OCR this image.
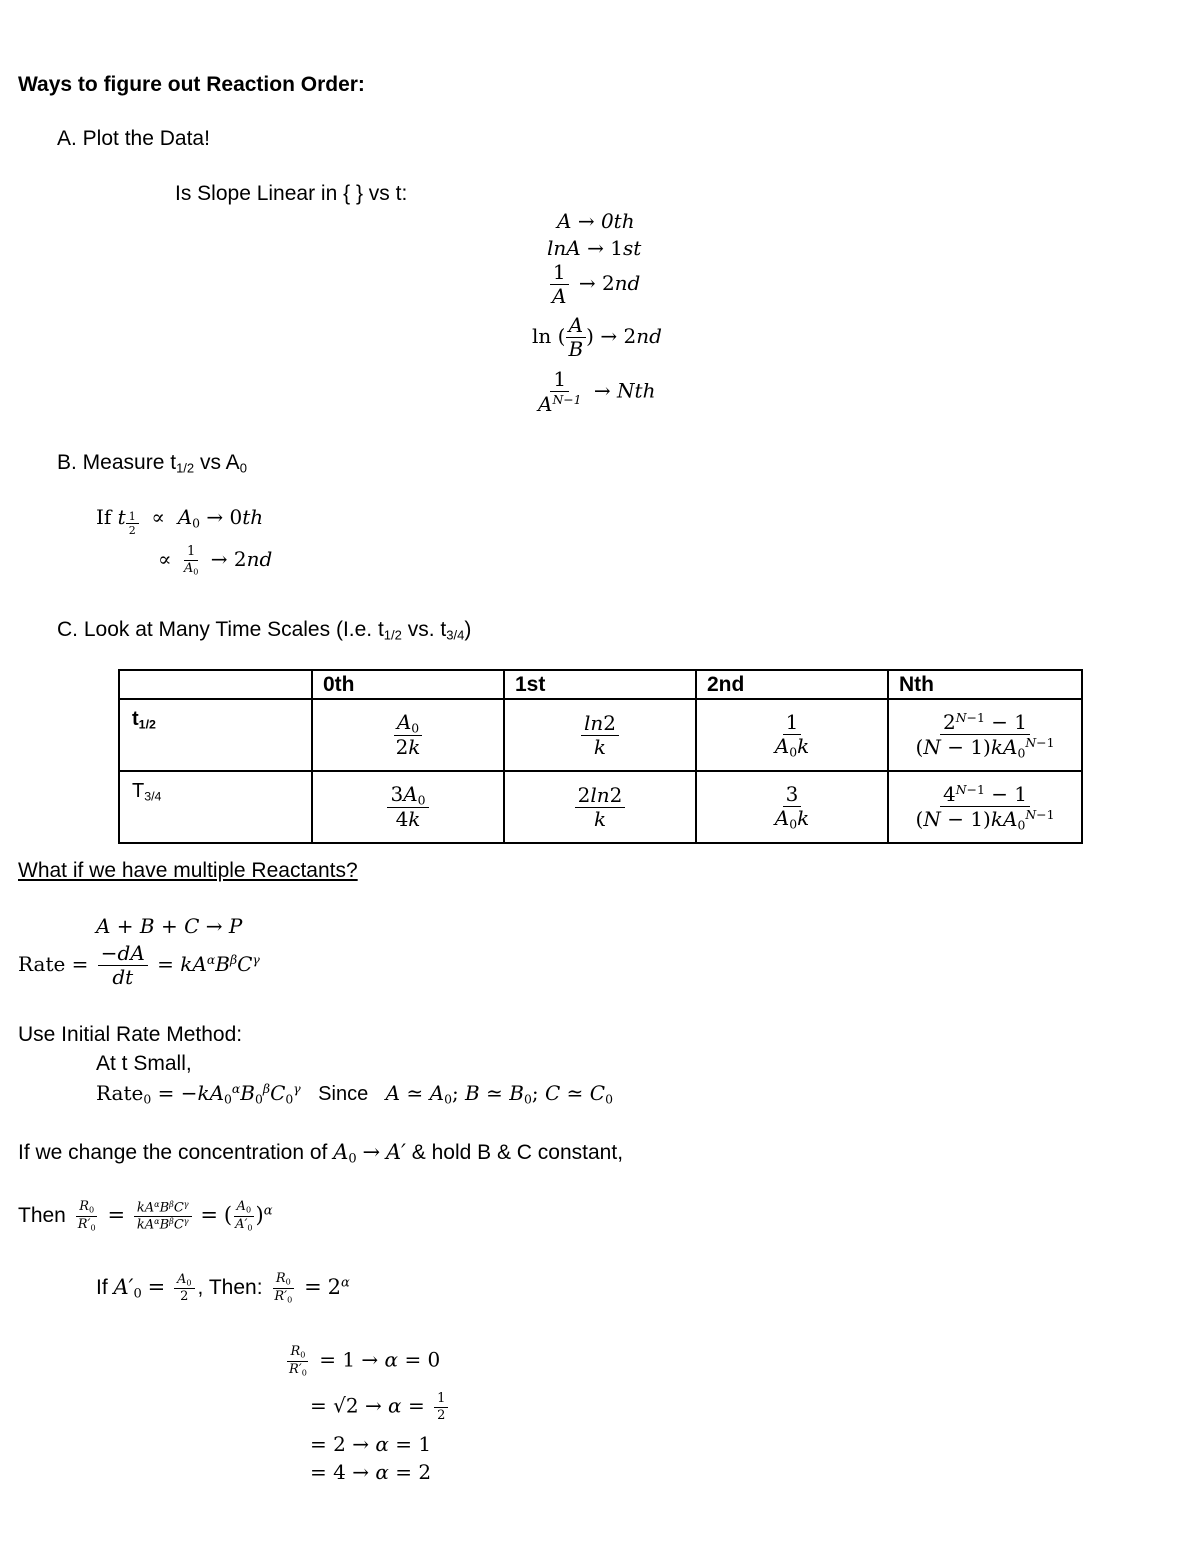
Ways to figure out Reaction Order:
A. Plot the Data!
Is Slope Linear in { } vs t:
A → 0th
lnA → 1st
$\frac{1}{A} \to 2nd$
ln ( $\frac{A}{B}$ ) → 2nd
$\frac{1}{A^{N-1}}$ → Nth
B. Measure $t_{1/2}$ vs $A_0$
If t $_{\frac{1}{2}} \propto A_0 \to 0th$
∝ $\frac{1}{A_0} \to 2nd$
C. Look at Many Time Scales (I.e. $t_{1/2}$ vs. $t_{3/4}$)
	0th	1st	2nd	Nth
$t_{1/2}$	$\frac{A_0}{2k}$	$\frac{\ln 2}{k}$	$\frac{1}{A_0k}$	$\frac{2^{N-1} - 1}{(N - 1)kA_0^{N-1}}$

$T_{3/4}$	$\frac{3A_0}{4k}$	$\frac{2\ln 2}{k}$	$\frac{3}{A_0k}$	$\frac{4^{N-1} - 1}{(N - 1)kA_0^{N-1}}$
What if we have multiple Reactants?
A + B + C → P
Rate = $\frac{-dA}{dt} = kA^\alpha B^\beta C^\gamma$
Use Initial Rate Method:
At t Small,
Rate$_0$ = $-kA_0^\alpha B_0^\beta C_0^\gamma$ Since   A ≃ $A_0$; B ≃ $B_0$; C ≃ $C_0$
If we change the concentration of $A_0 \to A'$ & hold B & C constant,
Then $\frac{R_0}{R'_0} = \frac{kA^\alpha B^\beta C^\gamma}{kA^\alpha B^\beta C^\gamma}$ = ( $\frac{A_0}{A'_0} )^\alpha$
If $A'_0 = \frac{A_0}{2}$ , Then: $\frac{R_0}{R'_0} = 2^\alpha$
$\frac{R_0}{R'_0} = 1 \to \alpha = 0$
= $√2 \to \alpha = \frac{1}{2}$
= 2 → α = 1
= 4 → α = 2
